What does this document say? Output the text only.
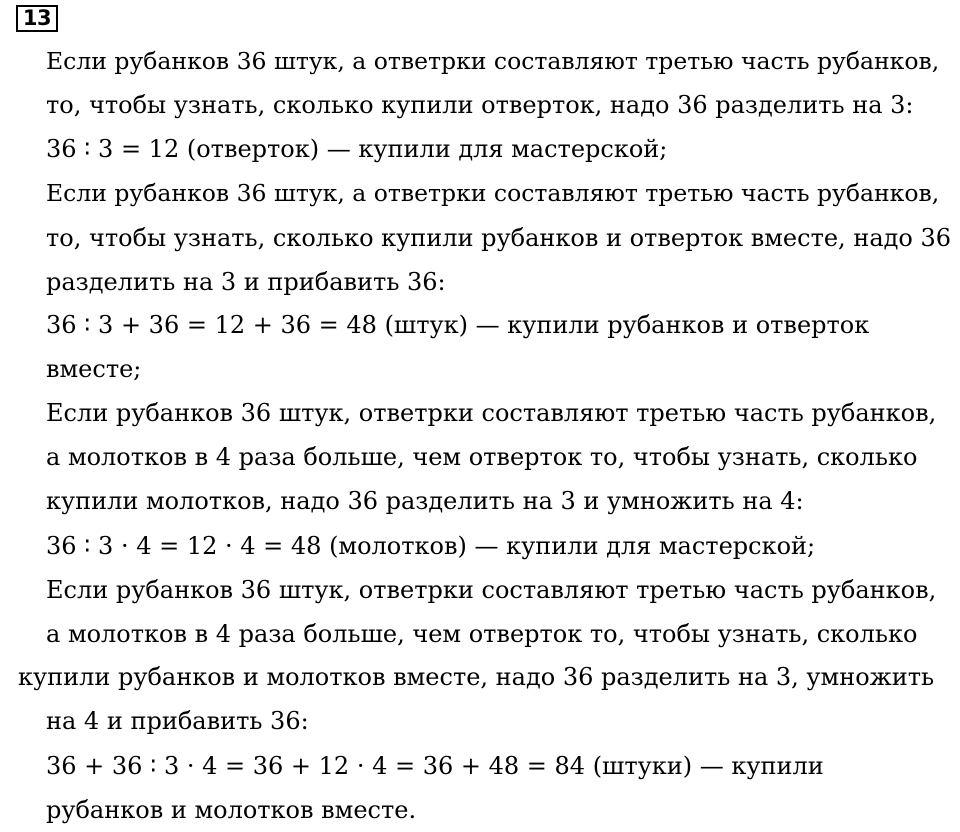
13
Если рубанков 36 штук, а ответрки составляют третью часть рубанков,
то, чтобы узнать, сколько купили отверток, надо 36 разделить на 3:
36 ∶ 3 = 12 (отверток) — купили для мастерской;
Если рубанков 36 штук, а ответрки составляют третью часть рубанков,
то, чтобы узнать, сколько купили рубанков и отверток вместе, надо 36
разделить на 3 и прибавить 36:
36 ∶ 3 + 36 = 12 + 36 = 48 (штук) — купили рубанков и отверток
вместе;
Если рубанков 36 штук, ответрки составляют третью часть рубанков,
а молотков в 4 раза больше, чем отверток то, чтобы узнать, сколько
купили молотков, надо 36 разделить на 3 и умножить на 4:
36 ∶ 3 · 4 = 12 · 4 = 48 (молотков) — купили для мастерской;
Если рубанков 36 штук, ответрки составляют третью часть рубанков,
а молотков в 4 раза больше, чем отверток то, чтобы узнать, сколько
купили рубанков и молотков вместе, надо 36 разделить на 3, умножить
на 4 и прибавить 36:
36 + 36 ∶ 3 · 4 = 36 + 12 · 4 = 36 + 48 = 84 (штуки) — купили
рубанков и молотков вместе.
